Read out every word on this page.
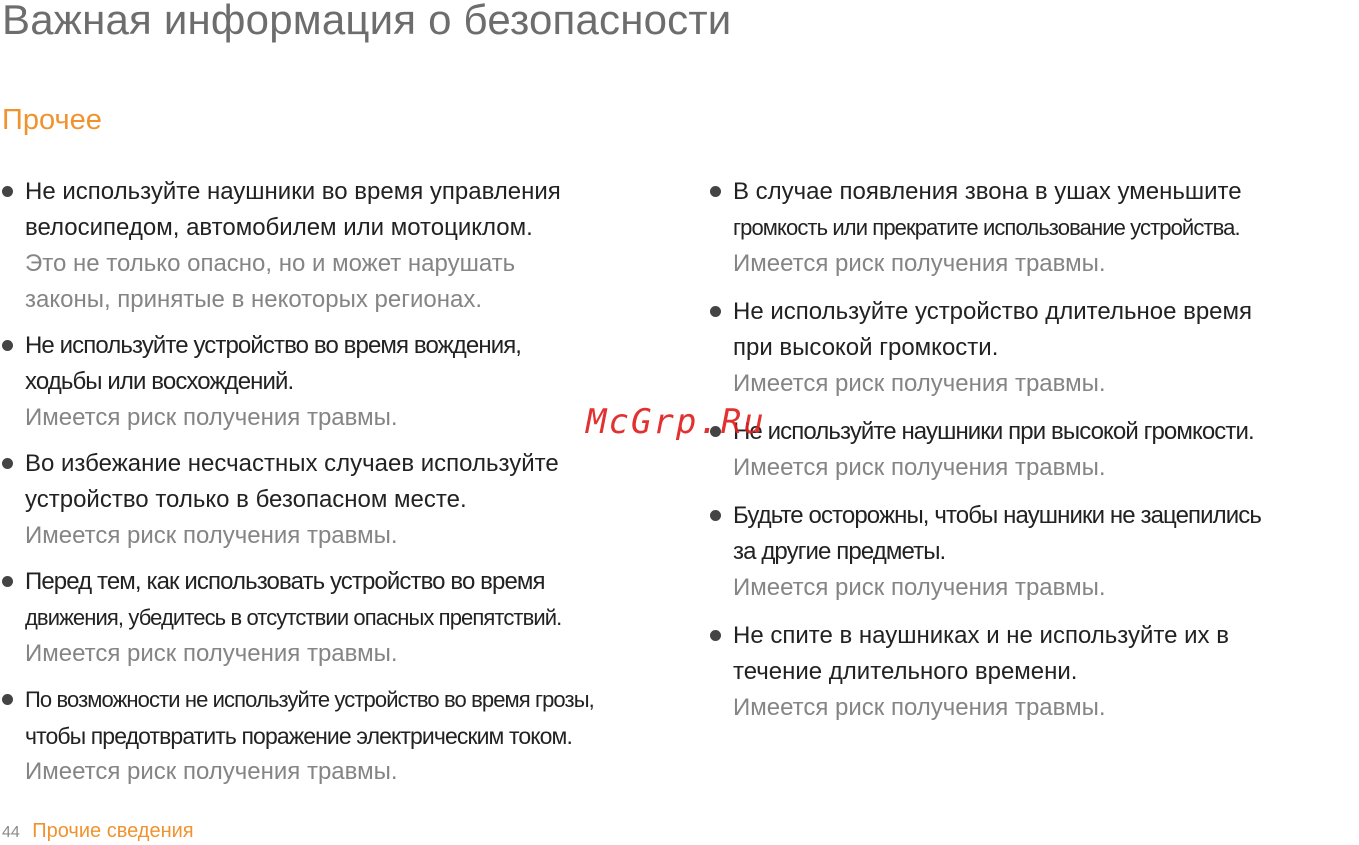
Важная информация о безопасности
Прочее
Не используйте наушники во время управления
велосипедом, автомобилем или мотоциклом.
Это не только опасно, но и может нарушать
законы, принятые в некоторых регионах.
Не используйте устройство во время вождения,
ходьбы или восхождений.
Имеется риск получения травмы.
Во избежание несчастных случаев используйте
устройство только в безопасном месте.
Имеется риск получения травмы.
Перед тем, как использовать устройство во время
движения, убедитесь в отсутствии опасных препятствий.
Имеется риск получения травмы.
По возможности не используйте устройство во время грозы,
чтобы предотвратить поражение электрическим током.
Имеется риск получения травмы.
В случае появления звона в ушах уменьшите
громкость или прекратите использование устройства.
Имеется риск получения травмы.
Не используйте устройство длительное время
при высокой громкости.
Имеется риск получения травмы.
Не используйте наушники при высокой громкости.
Имеется риск получения травмы.
Будьте осторожны, чтобы наушники не зацепились
за другие предметы.
Имеется риск получения травмы.
Не спите в наушниках и не используйте их в
течение длительного времени.
Имеется риск получения травмы.
McGrp.Ru
44 Прочие сведения
